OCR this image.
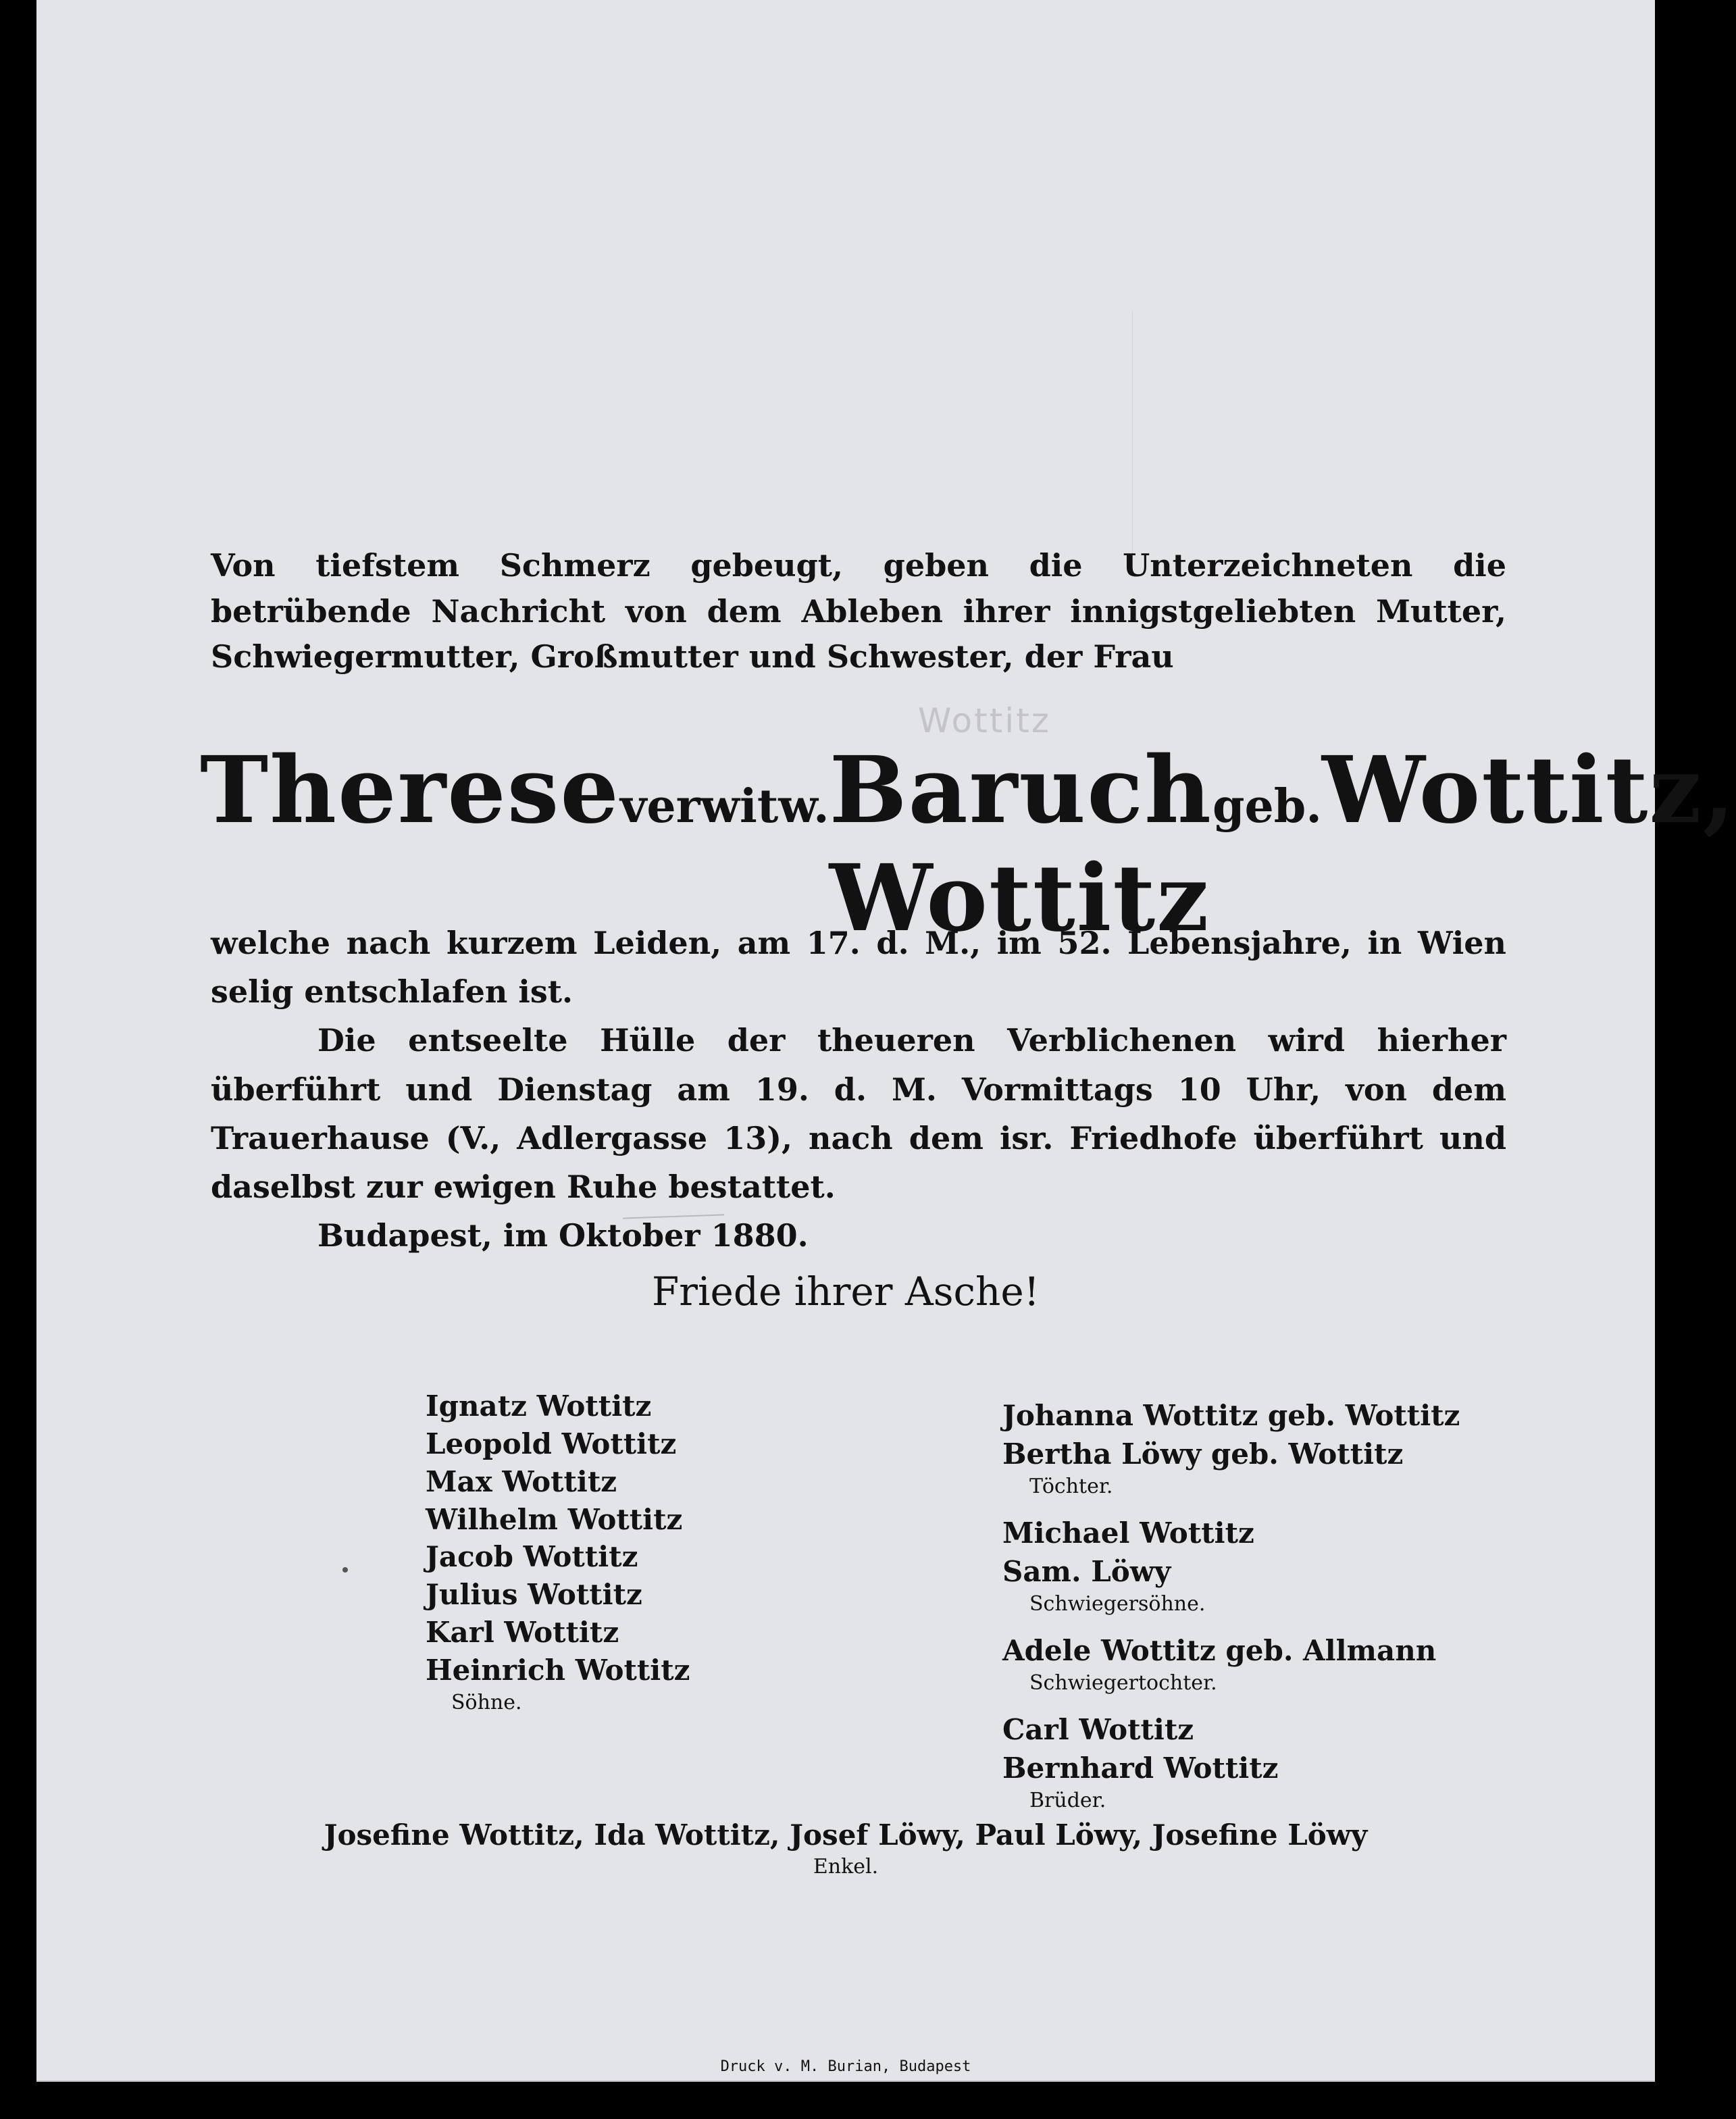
Von tiefstem Schmerz gebeugt, geben die Unterzeichneten die betrübende Nachricht von dem Ableben ihrer innigstgeliebten Mutter, Schwiegermutter, Großmutter und Schwester, der Frau

Wottitz
Therese verwitw. Baruch Wottitz
geb. Wottitz,

welche nach kurzem Leiden, am 17. d. M., im 52. Lebensjahre, in Wien selig entschlafen ist.

Die entseelte Hülle der theueren Verblichenen wird hierher überführt und Dienstag am 19. d. M. Vormittags 10 Uhr, von dem Trauerhause (V., Adlergasse 13), nach dem isr. Friedhofe überführt und daselbst zur ewigen Ruhe bestattet.

Budapest, im Oktober 1880.

Friede ihrer Asche!
Ignatz Wottitz
Leopold Wottitz
Max Wottitz
Wilhelm Wottitz
Jacob Wottitz
Julius Wottitz
Karl Wottitz
Heinrich Wottitz
Söhne.
Johanna Wottitz geb. Wottitz
Bertha Löwy geb. Wottitz
Töchter.
Michael Wottitz
Sam. Löwy
Schwiegersöhne.
Adele Wottitz geb. Allmann
Schwiegertochter.
Carl Wottitz
Bernhard Wottitz
Brüder.
Josefine Wottitz, Ida Wottitz, Josef Löwy, Paul Löwy, Josefine Löwy
Enkel.
Druck v. M. Burian, Budapest
